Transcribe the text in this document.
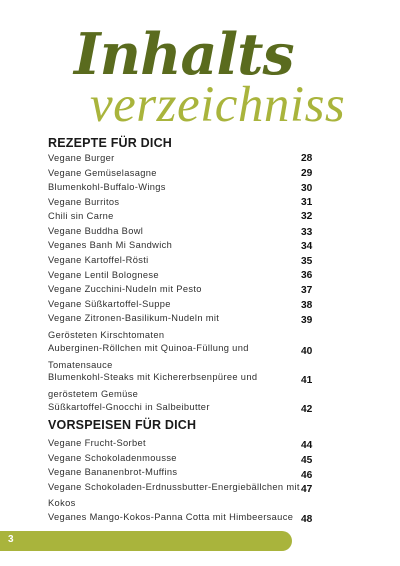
Inhalts
verzeichniss
REZEPTE FÜR DICH
Vegane Burger	28
Vegane Gemüselasagne	29
Blumenkohl-Buffalo-Wings	30
Vegane Burritos	31
Chili sin Carne	32
Vegane Buddha Bowl	33
Veganes Banh Mi Sandwich	34
Vegane Kartoffel-Rösti	35
Vegane Lentil Bolognese	36
Vegane Zucchini-Nudeln mit Pesto	37
Vegane Süßkartoffel-Suppe	38
Vegane Zitronen-Basilikum-Nudeln mit
Gerösteten Kirschtomaten
39
Auberginen-Röllchen mit Quinoa-Füllung und
Tomatensauce
40
Blumenkohl-Steaks mit Kichererbsenpüree und
geröstetem Gemüse
41
Süßkartoffel-Gnocchi in Salbeibutter	42
VORSPEISEN FÜR DICH
Vegane Frucht-Sorbet	44
Vegane Schokoladenmousse	45
Vegane Bananenbrot-Muffins	46
Vegane Schokoladen-Erdnussbutter-Energiebällchen mit
Kokos
47
Veganes Mango-Kokos-Panna Cotta mit Himbeersauce 48
3
